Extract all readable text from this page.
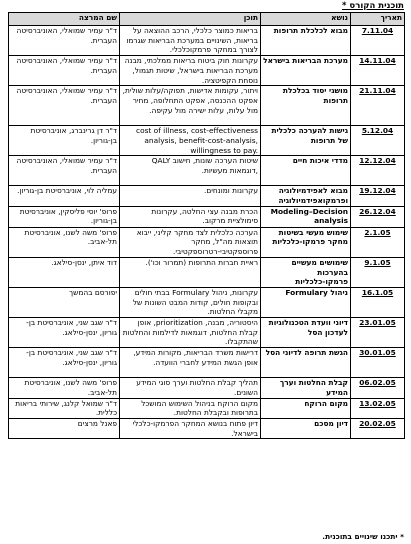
תוכנית הקורס *
תאריך	נושא	תוכן	שם המרצה
7.11.04	מבוא לכלכלת תרופות	בריאות כמוצר כלכלי, הרכב ההוצאה על בריאות, השינויים במערכת הבריאות שגרמו לצורך במחקר פרמקוכלכלי.	ד"ר עמיר שמואלי, האוניברסיטה העברית.
14.11.04	מערכת הבריאות בישראל	עקרונות חוק ביטוח בריאות ממלכתי, מבנה מערכת הבריאות בישראל, שיטות תגמול, נוסחת הקפיטציה.	ד"ר עמיר שמואלי, האוניברסיטה העברית.
21.11.04	מושגי יסוד בכלכלת תרופות	ויתור, עקומות אדישות, תפוקה/עלות שולית, אפקט ההכנסה, אפקט התחלופה, מחיר מול עלות, עלות ישירה מול עקיפה.	ד"ר עמיר שמואלי, האוניברסיטה העברית.
5.12.04	גישות להערכה כלכלית של תרופות	cost of illness, cost-effectiveness analysis, benefit-cost-analysis, willingness to pay.	ד"ר דן גרינברג, אוניברסיטת בן-גוריון.
12.12.04	מדדי איכות חיים	שיטות הערכה שונות, חישוב QALY ,דוגמאות מעשיות.	ד"ר עמיר שמואלי, האוניברסיטה העברית.
19.12.04	מבוא לאפידמיולוגיה ופרמקואפידמיולוגיה	עקרונות ומונחים.	עמליה לוי, אוניברסיטת בן-גוריון.
26.12.04	Modeling–Decision analysis	הכרת מבנה עצי החלטה, עקרונות סימולציית מרקוב.	פרופ' יוסי פליסקין, אוניברסיטת בן-גוריון.
2.1.05	שימוש מעשי בשיטות מחקר פרמקו-כלכליות	הערכה כלכלית לצד מחקר קליני, ייבוא תוצאות מה"ל, מחקר פרוספקטיבי-רטרוספקטיבי.	פרופ' משה לשנו, אוניברסיטת תל-אביב.
9.1.05	שימושים מעשיים בהערכות פרמקו-כלכליות	ראיית חברות התרופות (תמרור וכו').	דוד איתן, ינסן-סילאג.
16.1.05	ניהול Formulary	עקרונות, ניהול Formulary בבתי חולים ובקופות חולים, קודות המבט השונות של מקבלי החלטות.	יפורסם בהמשך
23.01.05	דיוני וועדת הטכנולוגיות לעדכון הסל	היסטוריה, מבנה, prioritization, אופן קבלת החלטות, דוגמאות לדילמות והחלטות שהתקבלו.	ד"ר שגב שני, אוניברסיטת בן- גוריון, ינסן-סילאג.
30.01.05	הגשת תרופה לדיוני הסל	דרישות משרד הבריאות, מקורות המידע, אופן הגשת המידע לחברי הוועדה.	ד"ר שגב שני, אוניברסיטת בן- גוריון, ינסן-סילאג.
06.02.05	קבלת החלטות וערך המידע	תהליך קבלת החלטות וערך סוגי המידע השונים.	פרופ' משה לשנו, אוניברסיטת תל-אביב.
13.02.05	מקום הרוקח	מקום הרוקח בניהול השימוש המושכל בתרופות ובקבלת החלטות.	ד"ר שמואל קלנג, שירותי בריאות כללית.
20.02.05	דיון מסכם	דיון פתוח בנושא המחקר הפרמקו-כלכלי בישראל.	פאנל מרצים
* יתכנו שינויים בתוכנית.
